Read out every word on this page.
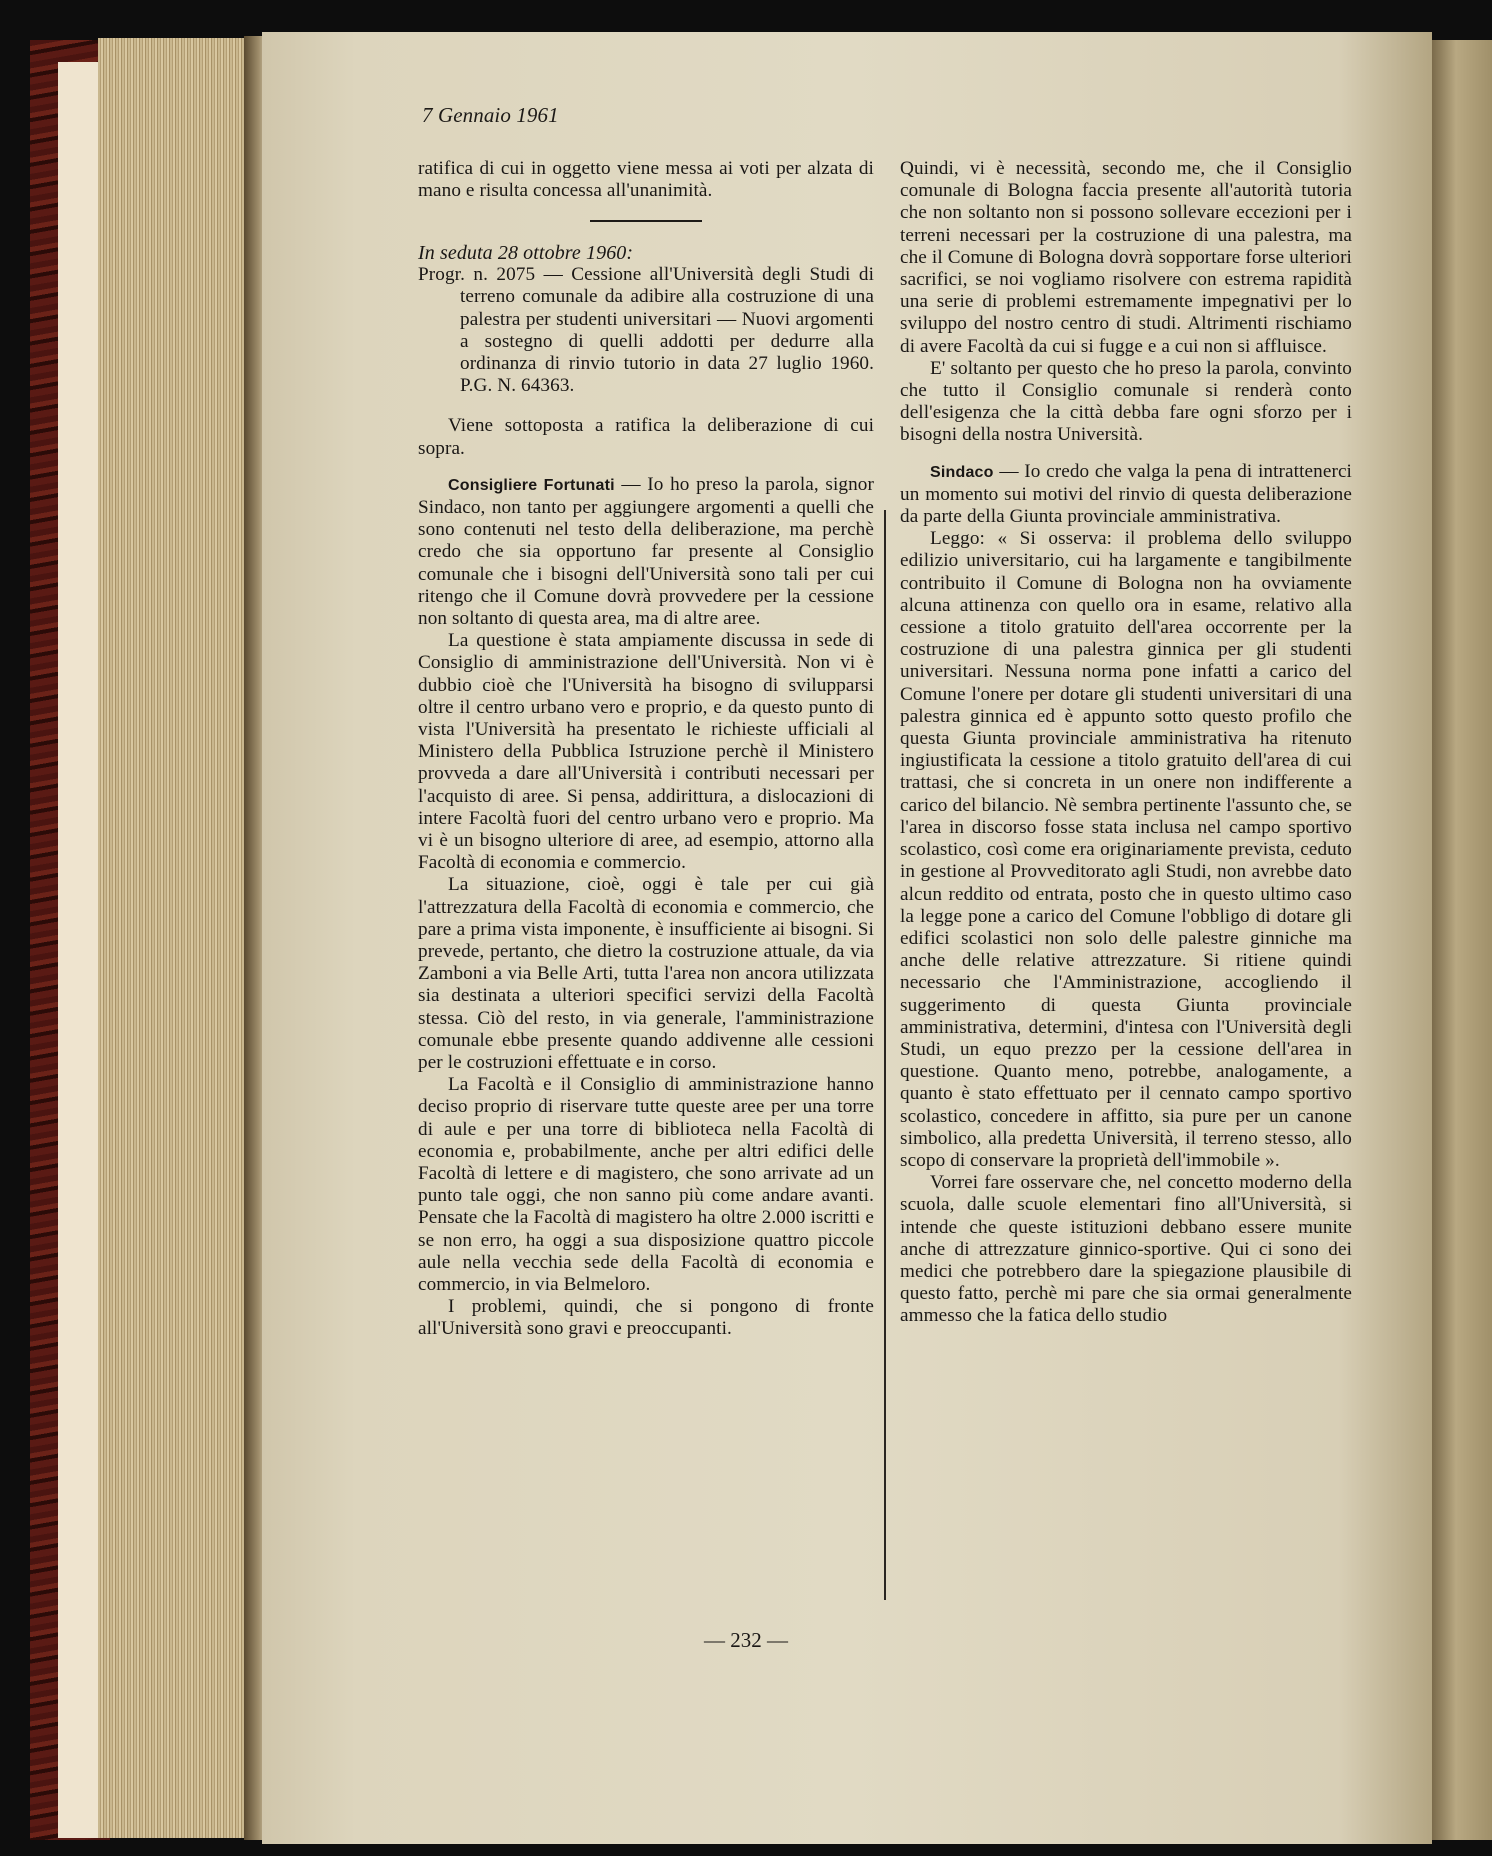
7 Gennaio 1961

ratifica di cui in oggetto viene messa ai voti per alzata di mano e risulta concessa all'unanimità.

In seduta 28 ottobre 1960:

Progr. n. 2075 — Cessione all'Università degli Studi di terreno comunale da adibire alla costruzione di una palestra per studenti universitari — Nuovi argomenti a sostegno di quelli addotti per dedurre alla ordinanza di rinvio tutorio in data 27 luglio 1960. P.G. N. 64363.

Viene sottoposta a ratifica la deliberazione di cui sopra.

Consigliere Fortunati — Io ho preso la parola, signor Sindaco, non tanto per aggiungere argomenti a quelli che sono contenuti nel testo della deliberazione, ma perchè credo che sia opportuno far presente al Consiglio comunale che i bisogni dell'Università sono tali per cui ritengo che il Comune dovrà provvedere per la cessione non soltanto di questa area, ma di altre aree.

La questione è stata ampiamente discussa in sede di Consiglio di amministrazione dell'Università. Non vi è dubbio cioè che l'Università ha bisogno di svilupparsi oltre il centro urbano vero e proprio, e da questo punto di vista l'Università ha presentato le richieste ufficiali al Ministero della Pubblica Istruzione perchè il Ministero provveda a dare all'Università i contributi necessari per l'acquisto di aree. Si pensa, addirittura, a dislocazioni di intere Facoltà fuori del centro urbano vero e proprio. Ma vi è un bisogno ulteriore di aree, ad esempio, attorno alla Facoltà di economia e commercio.

La situazione, cioè, oggi è tale per cui già l'attrezzatura della Facoltà di economia e commercio, che pare a prima vista imponente, è insufficiente ai bisogni. Si prevede, pertanto, che dietro la costruzione attuale, da via Zamboni a via Belle Arti, tutta l'area non ancora utilizzata sia destinata a ulteriori specifici servizi della Facoltà stessa. Ciò del resto, in via generale, l'amministrazione comunale ebbe presente quando addivenne alle cessioni per le costruzioni effettuate e in corso.

La Facoltà e il Consiglio di amministrazione hanno deciso proprio di riservare tutte queste aree per una torre di aule e per una torre di biblioteca nella Facoltà di economia e, probabilmente, anche per altri edifici delle Facoltà di lettere e di magistero, che sono arrivate ad un punto tale oggi, che non sanno più come andare avanti. Pensate che la Facoltà di magistero ha oltre 2.000 iscritti e se non erro, ha oggi a sua disposizione quattro piccole aule nella vecchia sede della Facoltà di economia e commercio, in via Belmeloro.

I problemi, quindi, che si pongono di fronte all'Università sono gravi e preoccupanti.

Quindi, vi è necessità, secondo me, che il Consiglio comunale di Bologna faccia presente all'autorità tutoria che non soltanto non si possono sollevare eccezioni per i terreni necessari per la costruzione di una palestra, ma che il Comune di Bologna dovrà sopportare forse ulteriori sacrifici, se noi vogliamo risolvere con estrema rapidità una serie di problemi estremamente impegnativi per lo sviluppo del nostro centro di studi. Altrimenti rischiamo di avere Facoltà da cui si fugge e a cui non si affluisce.

E' soltanto per questo che ho preso la parola, convinto che tutto il Consiglio comunale si renderà conto dell'esigenza che la città debba fare ogni sforzo per i bisogni della nostra Università.

Sindaco — Io credo che valga la pena di intrattenerci un momento sui motivi del rinvio di questa deliberazione da parte della Giunta provinciale amministrativa.

Leggo: « Si osserva: il problema dello sviluppo edilizio universitario, cui ha largamente e tangibilmente contribuito il Comune di Bologna non ha ovviamente alcuna attinenza con quello ora in esame, relativo alla cessione a titolo gratuito dell'area occorrente per la costruzione di una palestra ginnica per gli studenti universitari. Nessuna norma pone infatti a carico del Comune l'onere per dotare gli studenti universitari di una palestra ginnica ed è appunto sotto questo profilo che questa Giunta provinciale amministrativa ha ritenuto ingiustificata la cessione a titolo gratuito dell'area di cui trattasi, che si concreta in un onere non indifferente a carico del bilancio. Nè sembra pertinente l'assunto che, se l'area in discorso fosse stata inclusa nel campo sportivo scolastico, così come era originariamente prevista, ceduto in gestione al Provveditorato agli Studi, non avrebbe dato alcun reddito od entrata, posto che in questo ultimo caso la legge pone a carico del Comune l'obbligo di dotare gli edifici scolastici non solo delle palestre ginniche ma anche delle relative attrezzature. Si ritiene quindi necessario che l'Amministrazione, accogliendo il suggerimento di questa Giunta provinciale amministrativa, determini, d'intesa con l'Università degli Studi, un equo prezzo per la cessione dell'area in questione. Quanto meno, potrebbe, analogamente, a quanto è stato effettuato per il cennato campo sportivo scolastico, concedere in affitto, sia pure per un canone simbolico, alla predetta Università, il terreno stesso, allo scopo di conservare la proprietà dell'immobile ».

Vorrei fare osservare che, nel concetto moderno della scuola, dalle scuole elementari fino all'Università, si intende che queste istituzioni debbano essere munite anche di attrezzature ginnico-sportive. Qui ci sono dei medici che potrebbero dare la spiegazione plausibile di questo fatto, perchè mi pare che sia ormai generalmente ammesso che la fatica dello studio

— 232 —
